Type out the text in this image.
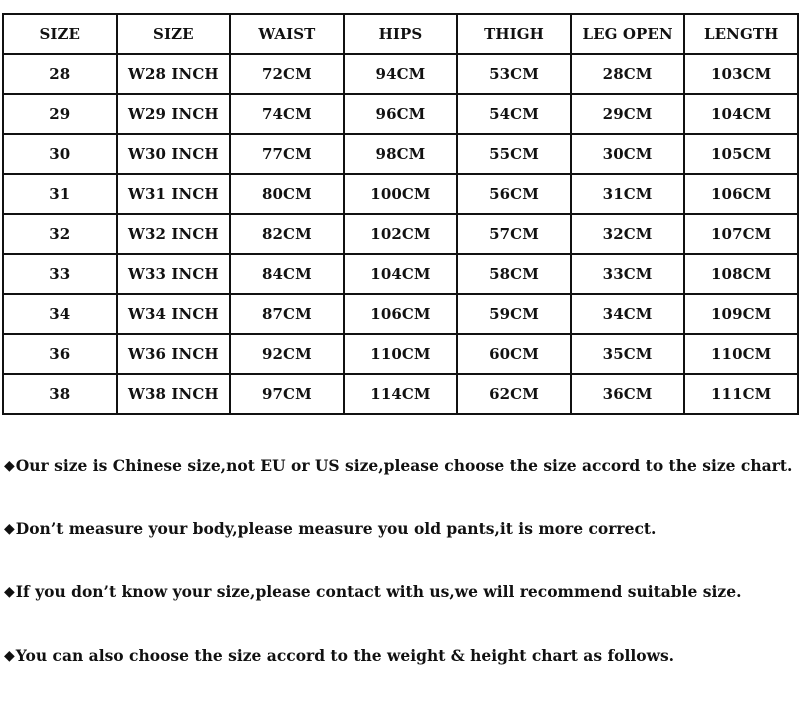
SIZE	SIZE	WAIST	HIPS	THIGH	LEG OPEN	LENGTH
28	W28 INCH	72CM	94CM	53CM	28CM	103CM
29	W29 INCH	74CM	96CM	54CM	29CM	104CM
30	W30 INCH	77CM	98CM	55CM	30CM	105CM
31	W31 INCH	80CM	100CM	56CM	31CM	106CM
32	W32 INCH	82CM	102CM	57CM	32CM	107CM
33	W33 INCH	84CM	104CM	58CM	33CM	108CM
34	W34 INCH	87CM	106CM	59CM	34CM	109CM
36	W36 INCH	92CM	110CM	60CM	35CM	110CM
38	W38 INCH	97CM	114CM	62CM	36CM	111CM
◆ Our size is Chinese size,not EU or US size,please choose the size accord to the size chart.
◆ Don’t measure your body,please measure you old pants,it is more correct.
◆ If you don’t know your size,please contact with us,we will recommend suitable size.
◆ You can also choose the size accord to the weight & height chart as follows.
